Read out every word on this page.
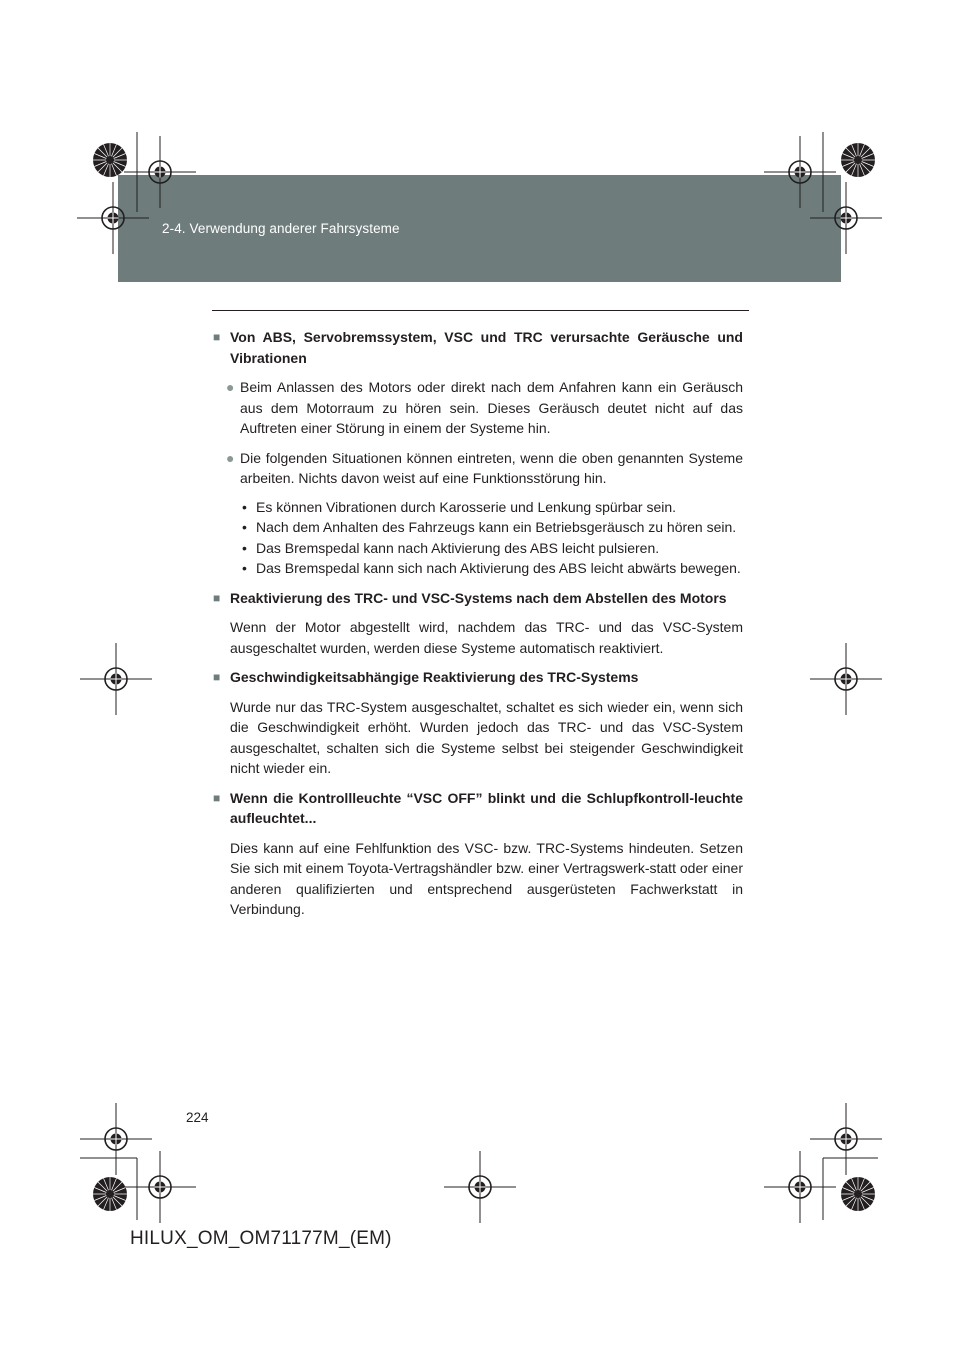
HILUX_OM_OM71177M_(EM).book Page 224 Wednesday, May 16, 2012 1:28 PM
2-4. Verwendung anderer Fahrsysteme
■ Von ABS, Servobremssystem, VSC und TRC verursachte Geräusche und Vibrationen
● Beim Anlassen des Motors oder direkt nach dem Anfahren kann ein Geräusch aus dem Motorraum zu hören sein. Dieses Geräusch deutet nicht auf das Auftreten einer Störung in einem der Systeme hin.
● Die folgenden Situationen können eintreten, wenn die oben genannten Systeme arbeiten. Nichts davon weist auf eine Funktionsstörung hin.
• Es können Vibrationen durch Karosserie und Lenkung spürbar sein.
• Nach dem Anhalten des Fahrzeugs kann ein Betriebsgeräusch zu hören sein.
• Das Bremspedal kann nach Aktivierung des ABS leicht pulsieren.
• Das Bremspedal kann sich nach Aktivierung des ABS leicht abwärts bewegen.
■ Reaktivierung des TRC- und VSC-Systems nach dem Abstellen des Motors
Wenn der Motor abgestellt wird, nachdem das TRC- und das VSC-System ausgeschaltet wurden, werden diese Systeme automatisch reaktiviert.
■ Geschwindigkeitsabhängige Reaktivierung des TRC-Systems
Wurde nur das TRC-System ausgeschaltet, schaltet es sich wieder ein, wenn sich die Geschwindigkeit erhöht. Wurden jedoch das TRC- und das VSC-System ausgeschaltet, schalten sich die Systeme selbst bei steigender Geschwindigkeit nicht wieder ein.
■ Wenn die Kontrollleuchte “VSC OFF” blinkt und die Schlupfkontroll-leuchte aufleuchtet...
Dies kann auf eine Fehlfunktion des VSC- bzw. TRC-Systems hindeuten. Setzen Sie sich mit einem Toyota-Vertragshändler bzw. einer Vertragswerk-statt oder einer anderen qualifizierten und entsprechend ausgerüsteten Fachwerkstatt in Verbindung.
224
HILUX_OM_OM71177M_(EM)
